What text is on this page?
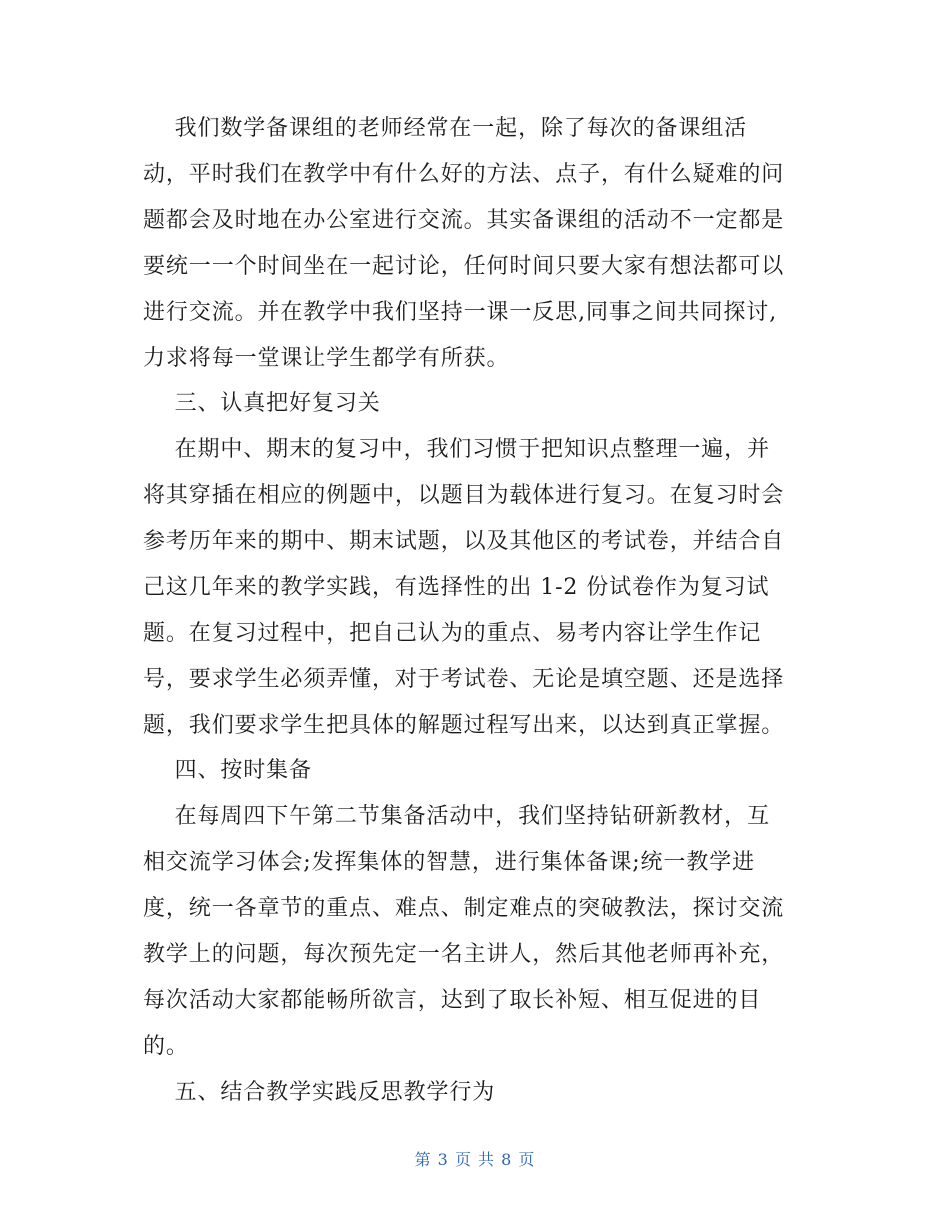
我们数学备课组的老师经常在一起，除了每次的备课组活
动，平时我们在教学中有什么好的方法、点子，有什么疑难的问
题都会及时地在办公室进行交流。其实备课组的活动不一定都是
要统一一个时间坐在一起讨论，任何时间只要大家有想法都可以
进行交流。并在教学中我们坚持一课一反思,同事之间共同探讨,
力求将每一堂课让学生都学有所获。
三、认真把好复习关
在期中、期末的复习中，我们习惯于把知识点整理一遍，并
将其穿插在相应的例题中，以题目为载体进行复习。在复习时会
参考历年来的期中、期末试题，以及其他区的考试卷，并结合自
己这几年来的教学实践，有选择性的出 1-2 份试卷作为复习试
题。在复习过程中，把自己认为的重点、易考内容让学生作记
号，要求学生必须弄懂，对于考试卷、无论是填空题、还是选择
题，我们要求学生把具体的解题过程写出来，以达到真正掌握。
四、按时集备
在每周四下午第二节集备活动中，我们坚持钻研新教材，互
相交流学习体会;发挥集体的智慧，进行集体备课;统一教学进
度，统一各章节的重点、难点、制定难点的突破教法，探讨交流
教学上的问题，每次预先定一名主讲人，然后其他老师再补充，
每次活动大家都能畅所欲言，达到了取长补短、相互促进的目
的。
五、结合教学实践反思教学行为
第 3 页 共 8 页
